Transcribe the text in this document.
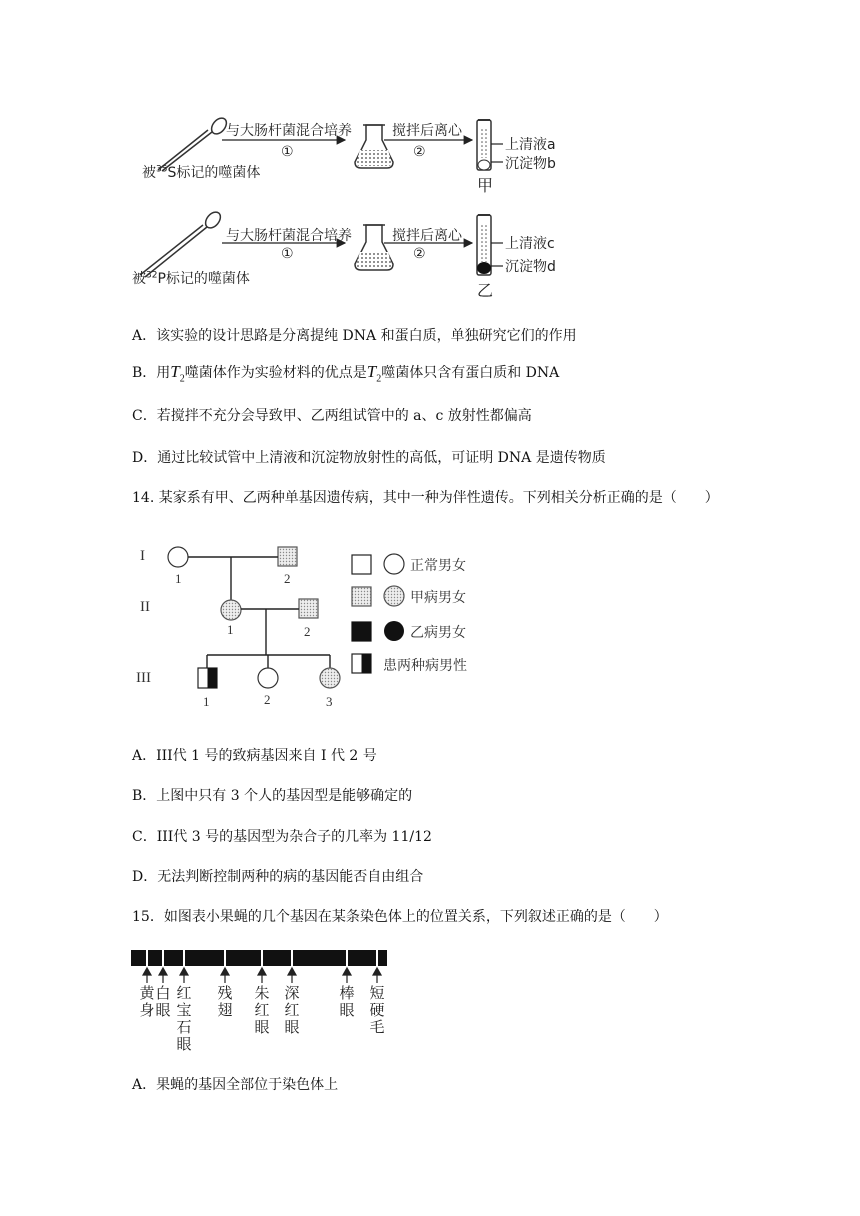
与大肠杆菌混合培养
①
搅拌后离心
②	上清液a
沉淀物b
甲
被$^{35}$S标记的噬菌体
与大肠杆菌混合培养
①
搅拌后离心
②
上清液c
沉淀物d
乙
被$^{32}$P标记的噬菌体
A．该实验的设计思路是分离提纯 DNA 和蛋白质，单独研究它们的作用
B．用$T_2$噬菌体作为实验材料的优点是$T_2$噬菌体只含有蛋白质和 DNA
C．若搅拌不充分会导致甲、乙两组试管中的 a、c 放射性都偏高
D．通过比较试管中上清液和沉淀物放射性的高低，可证明 DNA 是遗传物质
14. 某家系有甲、乙两种单基因遗传病，其中一种为伴性遗传。下列相关分析正确的是（　　）
I
II
III
1	2
1	2
1	2	3
正常男女
甲病男女
乙病男女
患两种病男性
A．III代 1 号的致病基因来自 I 代 2 号
B．上图中只有 3 个人的基因型是能够确定的
C．III代 3 号的基因型为杂合子的几率为 11/12
D．无法判断控制两种的病的基因能否自由组合
15．如图表小果蝇的几个基因在某条染色体上的位置关系，下列叙述正确的是（　　）
黄身
白眼
红宝石眼
残翅
朱红眼
深红眼
棒眼
短硬毛
A．果蝇的基因全部位于染色体上
